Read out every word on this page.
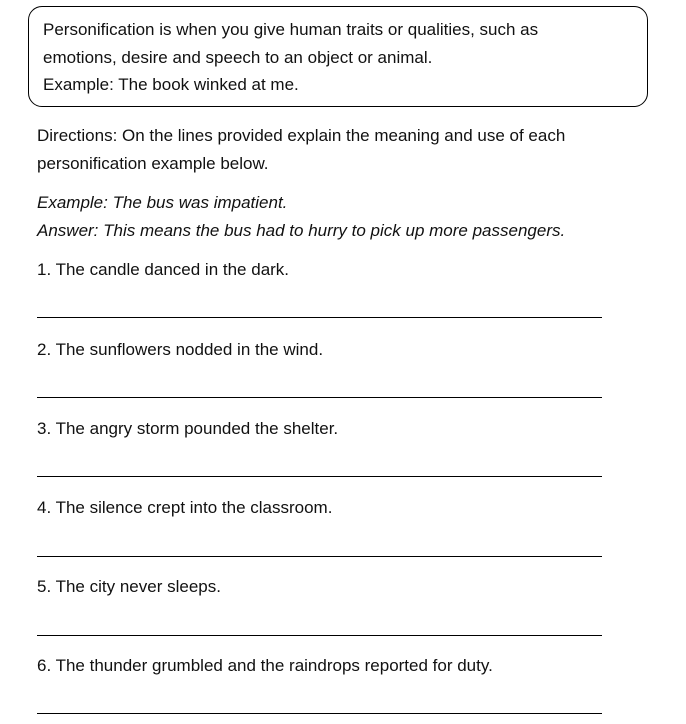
Personification is when you give human traits or qualities, such as
emotions, desire and speech to an object or animal.
Example: The book winked at me.
Directions: On the lines provided explain the meaning and use of each
personification example below.
Example: The bus was impatient.
Answer: This means the bus had to hurry to pick up more passengers.
1. The candle danced in the dark.
2. The sunflowers nodded in the wind.
3. The angry storm pounded the shelter.
4. The silence crept into the classroom.
5. The city never sleeps.
6. The thunder grumbled and the raindrops reported for duty.
